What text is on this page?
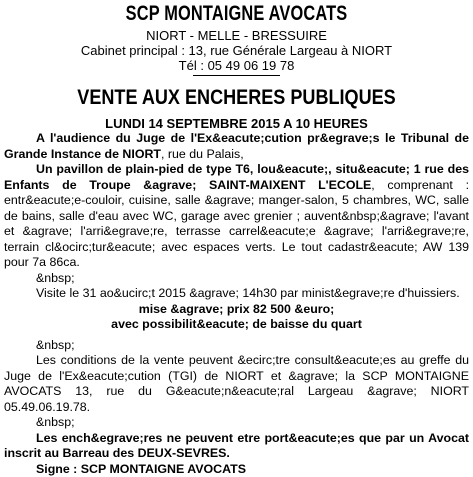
SCP MONTAIGNE AVOCATS
NIORT - MELLE - BRESSUIRE
Cabinet principal : 13, rue Générale Largeau à NIORT
Tél : 05 49 06 19 78
VENTE AUX ENCHERES PUBLIQUES
LUNDI 14 SEPTEMBRE 2015 A 10 HEURES

A l'audience du Juge de l'Ex&eacute;cution pr&egrave;s le Tribunal de Grande Instance de NIORT, rue du Palais,

Un pavillon de plain-pied de type T6, lou&eacute;, situ&eacute; 1 rue des Enfants de Troupe &agrave; SAINT-MAIXENT L'ECOLE, comprenant : entr&eacute;e-couloir, cuisine, salle &agrave; manger-salon, 5 chambres, WC, salle de bains, salle d'eau avec WC, garage avec grenier ; auvent&nbsp;&agrave; l'avant et &agrave; l'arri&egrave;re, terrasse carrel&eacute;e &agrave; l'arri&egrave;re, terrain cl&ocirc;tur&eacute; avec espaces verts. Le tout cadastr&eacute; AW 139 pour 7a 86ca.

&nbsp;

Visite le 31 ao&ucirc;t 2015 &agrave; 14h30 par minist&egrave;re d'huissiers.

mise &agrave; prix 82 500 &euro;

avec possibilit&eacute; de baisse du quart

&nbsp;

Les conditions de la vente peuvent &ecirc;tre consult&eacute;es au greffe du Juge de l'Ex&eacute;cution (TGI) de NIORT et &agrave; la SCP MONTAIGNE AVOCATS 13, rue du G&eacute;n&eacute;ral Largeau &agrave; NIORT 05.49.06.19.78.

&nbsp;

Les ench&egrave;res ne peuvent etre port&eacute;es que par un Avocat inscrit au Barreau des DEUX-SEVRES.

Signe : SCP MONTAIGNE AVOCATS
